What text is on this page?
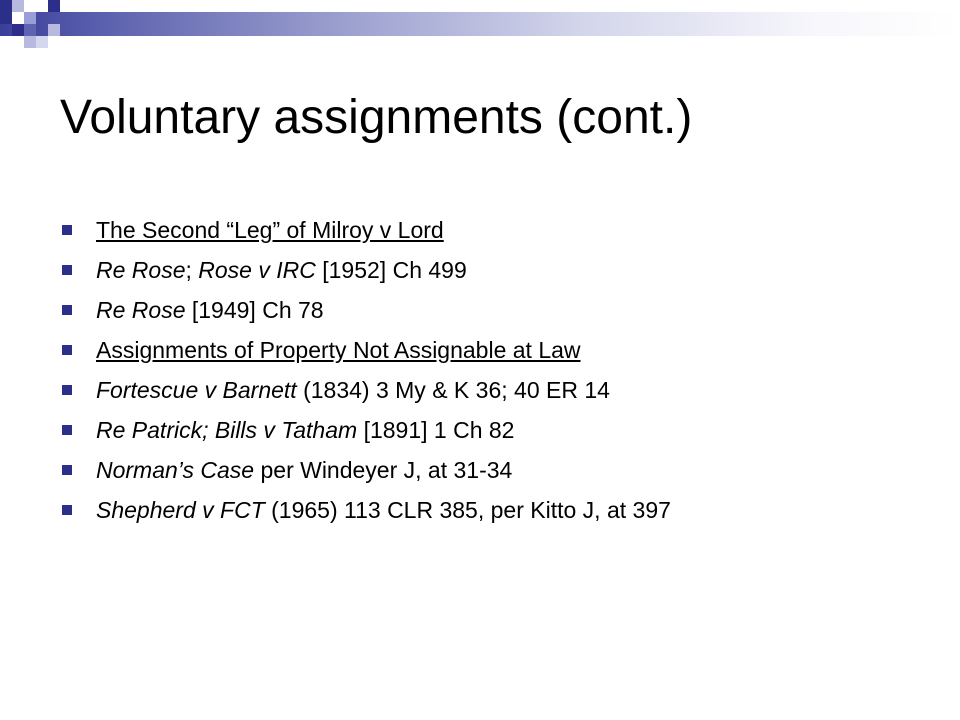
Voluntary assignments (cont.)
The Second “Leg” of Milroy v Lord
Re Rose; Rose v IRC [1952] Ch 499
Re Rose [1949] Ch 78
Assignments of Property Not Assignable at Law
Fortescue v Barnett (1834) 3 My & K 36; 40 ER 14
Re Patrick; Bills v Tatham [1891] 1 Ch 82
Norman’s Case per Windeyer J, at 31-34
Shepherd v FCT (1965) 113 CLR 385, per Kitto J, at 397
